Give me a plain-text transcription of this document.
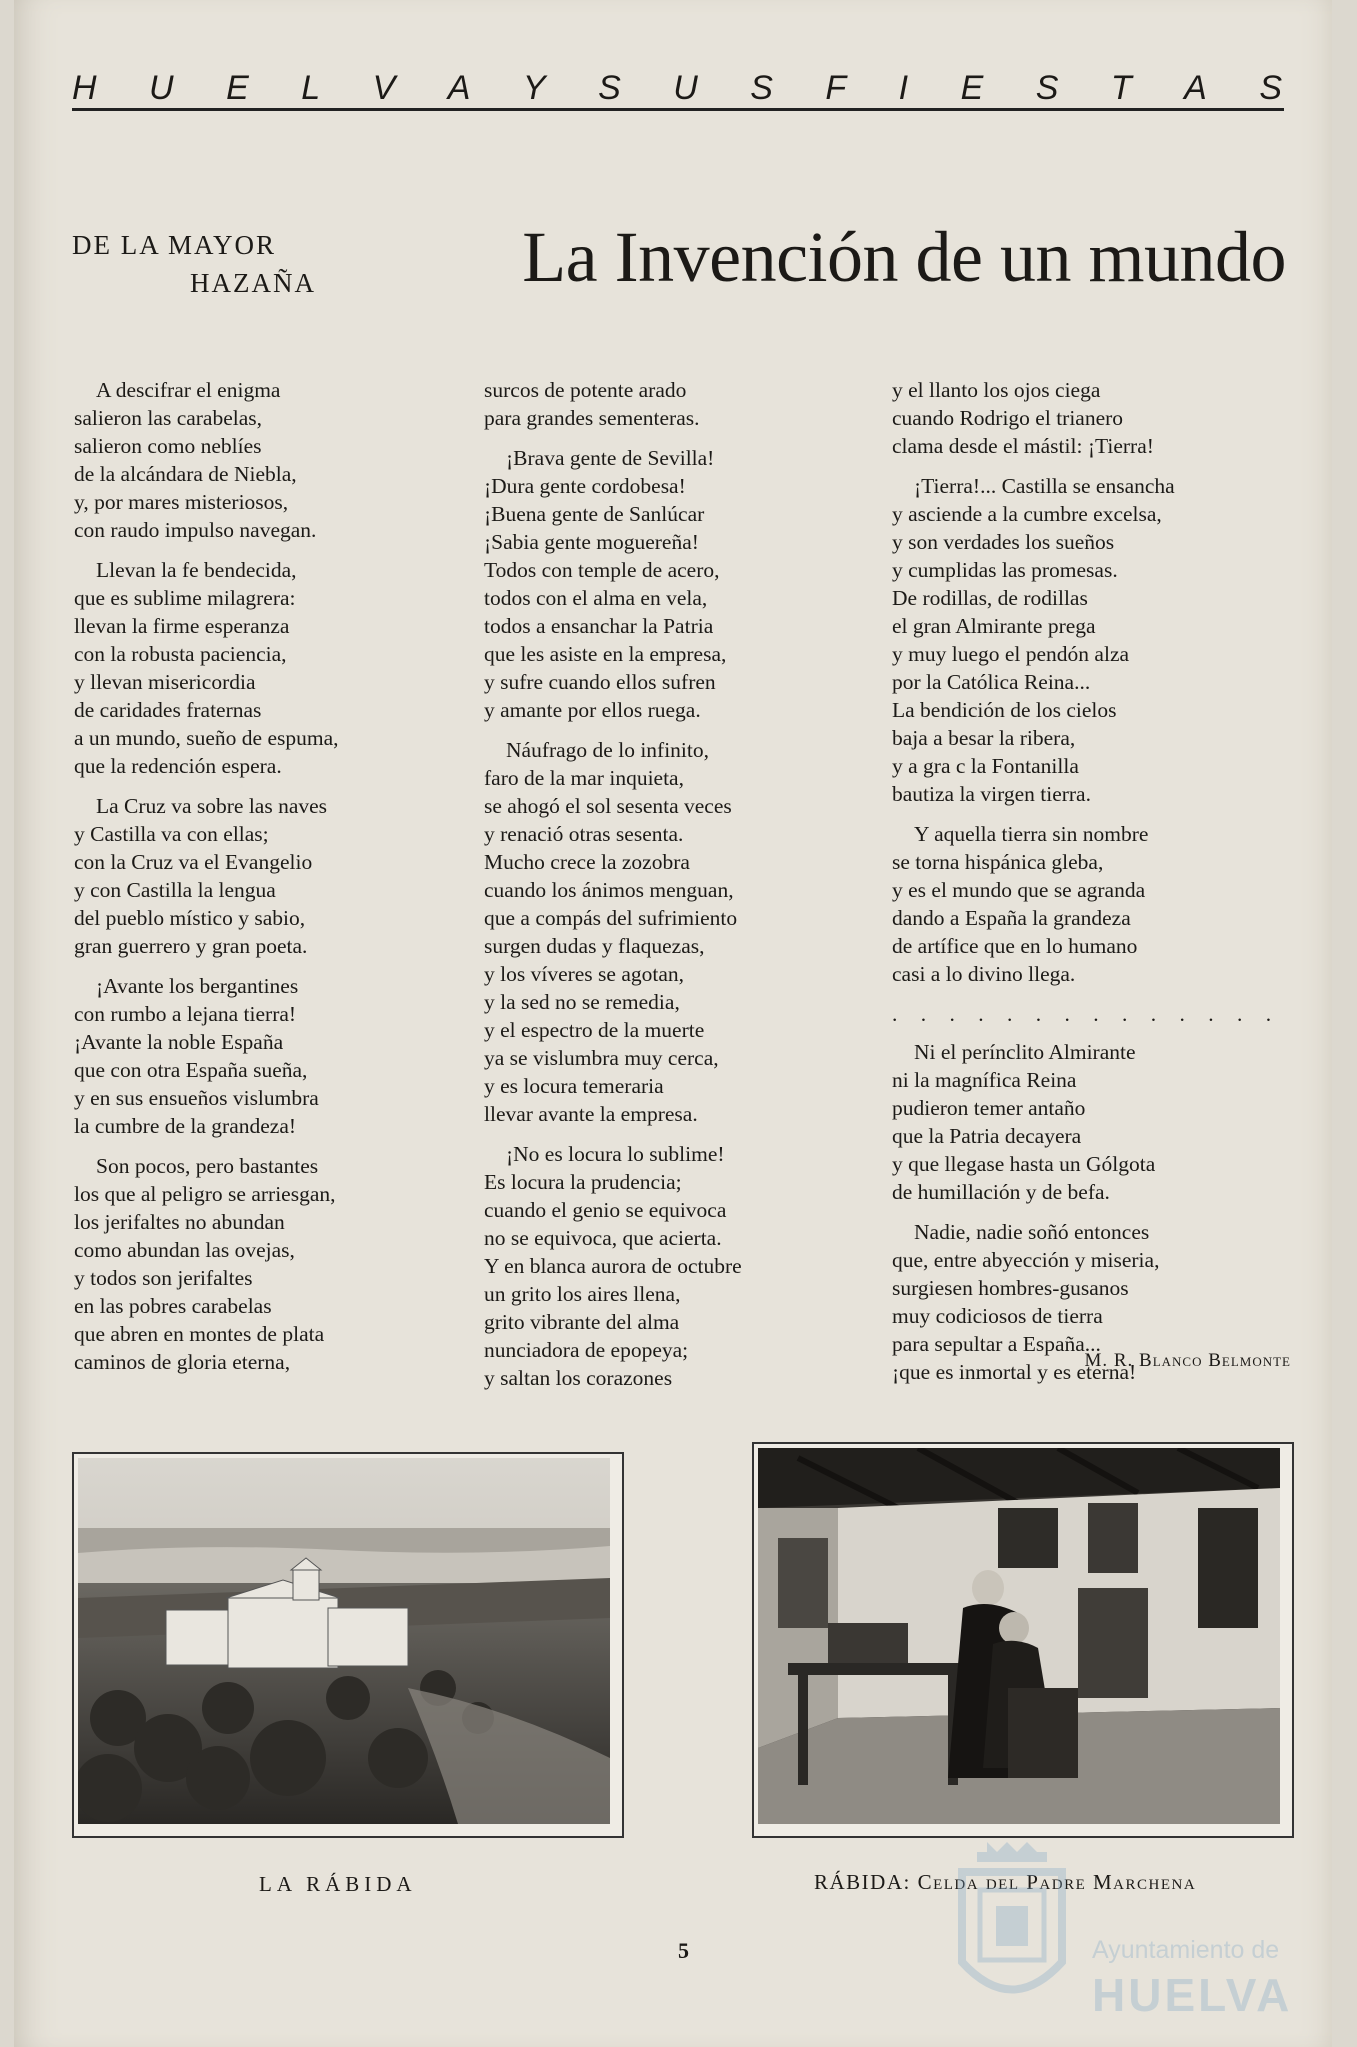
H U E L V A Y S U S F I E S T A S
DE LA MAYOR
HAZAÑA	La Invención de un mundo
A descifrar el enigma
salieron las carabelas,
salieron como neblíes
de la alcándara de Niebla,
y, por mares misteriosos,
con raudo impulso navegan.
Llevan la fe bendecida,
que es sublime milagrera:
llevan la firme esperanza
con la robusta paciencia,
y llevan misericordia
de caridades fraternas
a un mundo, sueño de espuma,
que la redención espera.
La Cruz va sobre las naves
y Castilla va con ellas;
con la Cruz va el Evangelio
y con Castilla la lengua
del pueblo místico y sabio,
gran guerrero y gran poeta.
¡Avante los bergantines
con rumbo a lejana tierra!
¡Avante la noble España
que con otra España sueña,
y en sus ensueños vislumbra
la cumbre de la grandeza!
Son pocos, pero bastantes
los que al peligro se arriesgan,
los jerifaltes no abundan
como abundan las ovejas,
y todos son jerifaltes
en las pobres carabelas
que abren en montes de plata
caminos de gloria eterna,
surcos de potente arado
para grandes sementeras.
¡Brava gente de Sevilla!
¡Dura gente cordobesa!
¡Buena gente de Sanlúcar
¡Sabia gente moguereña!
Todos con temple de acero,
todos con el alma en vela,
todos a ensanchar la Patria
que les asiste en la empresa,
y sufre cuando ellos sufren
y amante por ellos ruega.
Náufrago de lo infinito,
faro de la mar inquieta,
se ahogó el sol sesenta veces
y renació otras sesenta.
Mucho crece la zozobra
cuando los ánimos menguan,
que a compás del sufrimiento
surgen dudas y flaquezas,
y los víveres se agotan,
y la sed no se remedia,
y el espectro de la muerte
ya se vislumbra muy cerca,
y es locura temeraria
llevar avante la empresa.
¡No es locura lo sublime!
Es locura la prudencia;
cuando el genio se equivoca
no se equivoca, que acierta.
Y en blanca aurora de octubre
un grito los aires llena,
grito vibrante del alma
nunciadora de epopeya;
y saltan los corazones
y el llanto los ojos ciega
cuando Rodrigo el trianero
clama desde el mástil: ¡Tierra!
¡Tierra!... Castilla se ensancha
y asciende a la cumbre excelsa,
y son verdades los sueños
y cumplidas las promesas.
De rodillas, de rodillas
el gran Almirante prega
y muy luego el pendón alza
por la Católica Reina...
La bendición de los cielos
baja a besar la ribera,
y a gra c la Fontanilla
bautiza la virgen tierra.
Y aquella tierra sin nombre
se torna hispánica gleba,
y es el mundo que se agranda
dando a España la grandeza
de artífice que en lo humano
casi a lo divino llega.
. . . . . . . . . . . . . .
Ni el perínclito Almirante
ni la magnífica Reina
pudieron temer antaño
que la Patria decayera
y que llegase hasta un Gólgota
de humillación y de befa.
Nadie, nadie soñó entonces
que, entre abyección y miseria,
surgiesen hombres-gusanos
muy codiciosos de tierra
para sepultar a España...
¡que es inmortal y es eterna!
M. R. Blanco Belmonte
LA RÁBIDA	RÁBIDA: Celda del Padre Marchena
5	Ayuntamiento de
HUELVA
